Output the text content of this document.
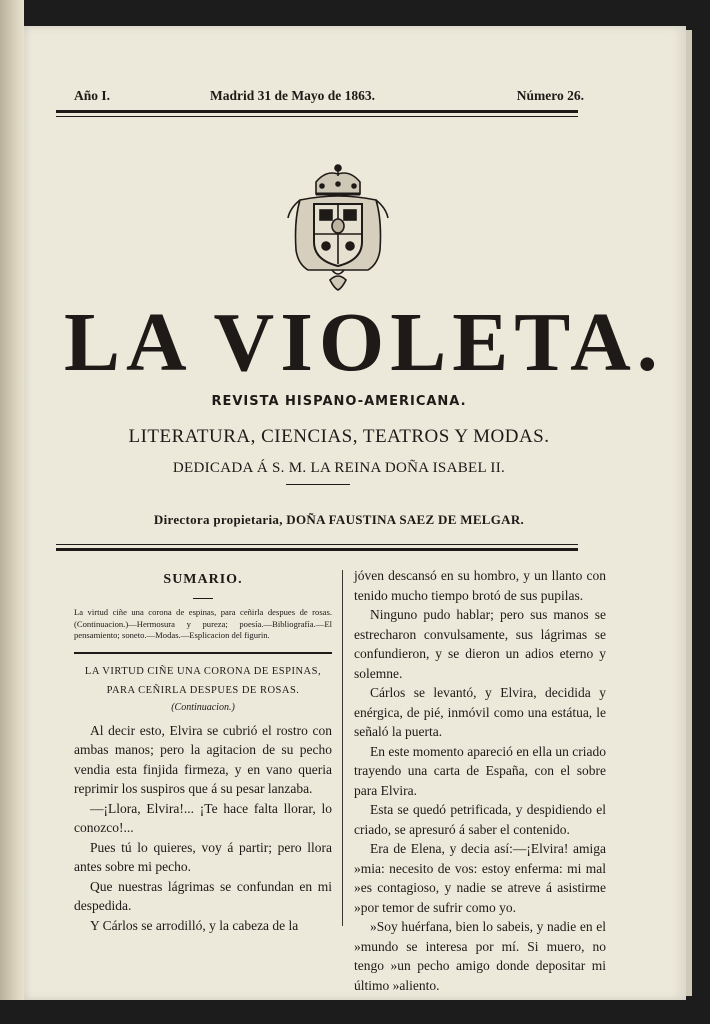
Año I.	Madrid 31 de Mayo de 1863.	Número 26.
LA VIOLETA.
REVISTA HISPANO-AMERICANA.
LITERATURA, CIENCIAS, TEATROS Y MODAS.
DEDICADA Á S. M. LA REINA DOÑA ISABEL II.
Directora propietaria, DOÑA FAUSTINA SAEZ DE MELGAR.
SUMARIO.
La virtud ciñe una corona de espinas, para ceñirla despues de rosas. (Continuacion.)—Hermosura y pureza; poesía.—Bibliografía.—El pensamiento; soneto.—Modas.—Esplicacion del figurin.
LA VIRTUD CIÑE UNA CORONA DE ESPINAS,
PARA CEÑIRLA DESPUES DE ROSAS.
(Continuacion.)

Al decir esto, Elvira se cubrió el rostro con ambas manos; pero la agitacion de su pecho vendia esta finjida firmeza, y en vano queria reprimir los suspiros que á su pesar lanzaba.

—¡Llora, Elvira!... ¡Te hace falta llorar, lo conozco!...

Pues tú lo quieres, voy á partir; pero llora antes sobre mi pecho.

Que nuestras lágrimas se confundan en mi despedida.

Y Cárlos se arrodilló, y la cabeza de la

jóven descansó en su hombro, y un llanto con tenido mucho tiempo brotó de sus pupilas.

Ninguno pudo hablar; pero sus manos se estrecharon convulsamente, sus lágrimas se confundieron, y se dieron un adios eterno y solemne.

Cárlos se levantó, y Elvira, decidida y enérgica, de pié, inmóvil como una estátua, le señaló la puerta.

En este momento apareció en ella un criado trayendo una carta de España, con el sobre para Elvira.

Esta se quedó petrificada, y despidiendo el criado, se apresuró á saber el contenido.

Era de Elena, y decia así:—¡Elvira! amiga »mia: necesito de vos: estoy enferma: mi mal »es contagioso, y nadie se atreve á asistirme »por temor de sufrir como yo.

»Soy huérfana, bien lo sabeis, y nadie en el »mundo se interesa por mí. Si muero, no tengo »un pecho amigo donde depositar mi último »aliento.
